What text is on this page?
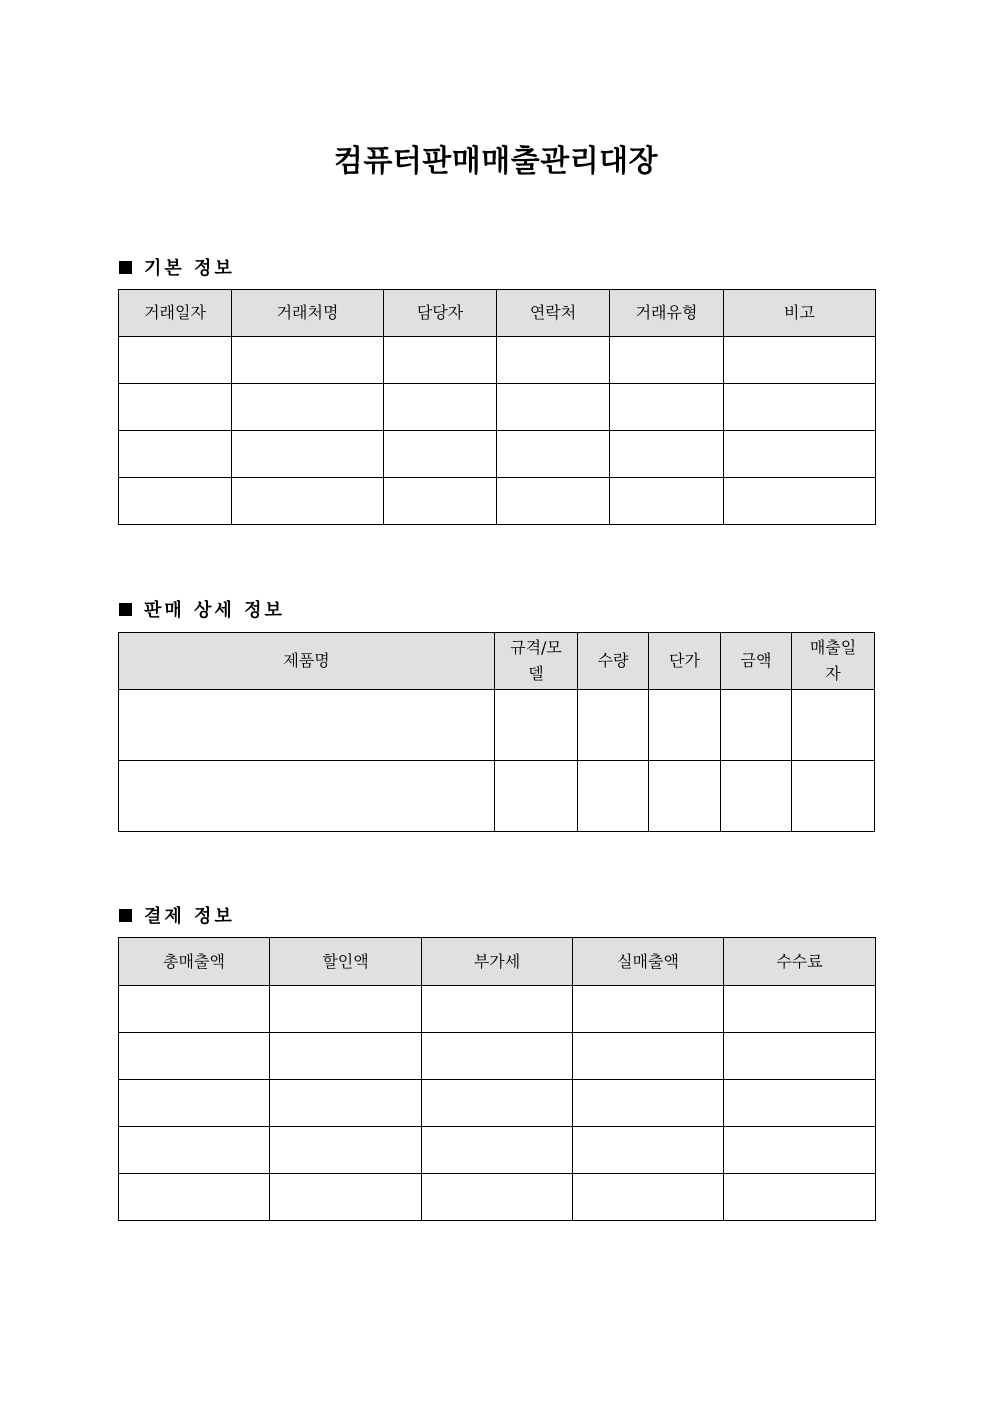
컴퓨터판매매출관리대장
기본 정보
거래일자	거래처명	담당자	연락처	거래유형	비고

판매 상세 정보
제품명	규격/모델	수량	단가	금액	매출일자

결제 정보
총매출액	할인액	부가세	실매출액	수수료
